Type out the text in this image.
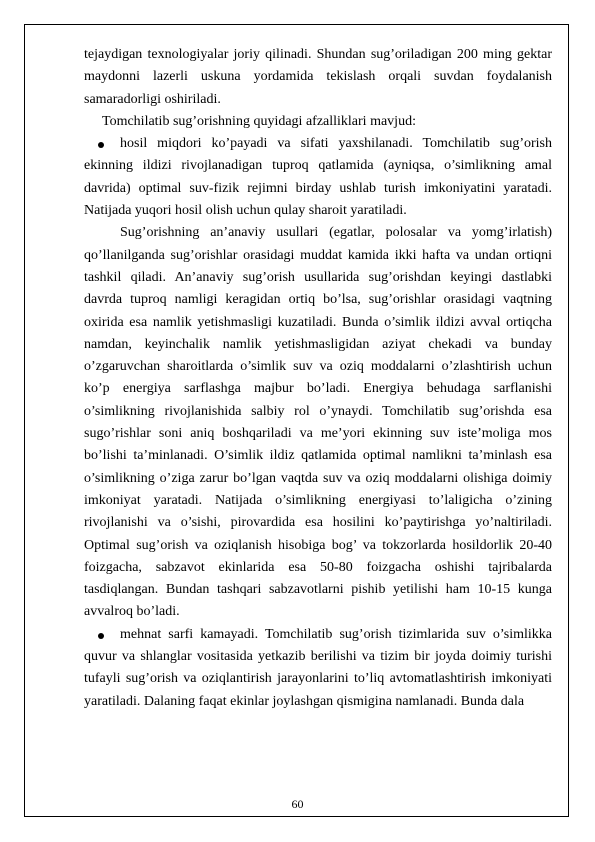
tejaydigan texnologiyalar joriy qilinadi. Shundan sug’oriladigan 200 ming gektar maydonni lazerli uskuna yordamida tekislash orqali suvdan foydalanish samaradorligi oshiriladi.

Tomchilatib sug’orishning quyidagi afzalliklari mavjud:

hosil miqdori ko’payadi va sifati yaxshilanadi. Tomchilatib sug’orish ekinning ildizi rivojlanadigan tuproq qatlamida (ayniqsa, o’simlikning amal davrida) optimal suv-fizik rejimni birday ushlab turish imkoniyatini yaratadi. Natijada yuqori hosil olish uchun qulay sharoit yaratiladi.

Sug’orishning an’anaviy usullari (egatlar, polosalar va yomg’irlatish) qo’llanilganda sug’orishlar orasidagi muddat kamida ikki hafta va undan ortiqni tashkil qiladi. An’anaviy sug’orish usullarida sug’orishdan keyingi dastlabki davrda tuproq namligi keragidan ortiq bo’lsa, sug’orishlar orasidagi vaqtning oxirida esa namlik yetishmasligi kuzatiladi. Bunda o’simlik ildizi avval ortiqcha namdan, keyinchalik namlik yetishmasligidan aziyat chekadi va bunday o’zgaruvchan sharoitlarda o’simlik suv va oziq moddalarni o’zlashtirish uchun ko’p energiya sarflashga majbur bo’ladi. Energiya behudaga sarflanishi o’simlikning rivojlanishida salbiy rol o’ynaydi. Tomchilatib sug’orishda esa sugo’rishlar soni aniq boshqariladi va me’yori ekinning suv iste’moliga mos bo’lishi ta’minlanadi. O’simlik ildiz qatlamida optimal namlikni ta’minlash esa o’simlikning o’ziga zarur bo’lgan vaqtda suv va oziq moddalarni olishiga doimiy imkoniyat yaratadi. Natijada o’simlikning energiyasi to’laligicha o’zining rivojlanishi va o’sishi, pirovardida esa hosilini ko’paytirishga yo’naltiriladi. Optimal sug’orish va oziqlanish hisobiga bog’ va tokzorlarda hosildorlik 20-40 foizgacha, sabzavot ekinlarida esa 50-80 foizgacha oshishi tajribalarda tasdiqlangan. Bundan tashqari sabzavotlarni pishib yetilishi ham 10-15 kunga avvalroq bo’ladi.

mehnat sarfi kamayadi. Tomchilatib sug’orish tizimlarida suv o’simlikka quvur va shlanglar vositasida yetkazib berilishi va tizim bir joyda doimiy turishi tufayli sug’orish va oziqlantirish jarayonlarini to’liq avtomatlashtirish imkoniyati yaratiladi. Dalaning faqat ekinlar joylashgan qismigina namlanadi. Bunda dala

60
